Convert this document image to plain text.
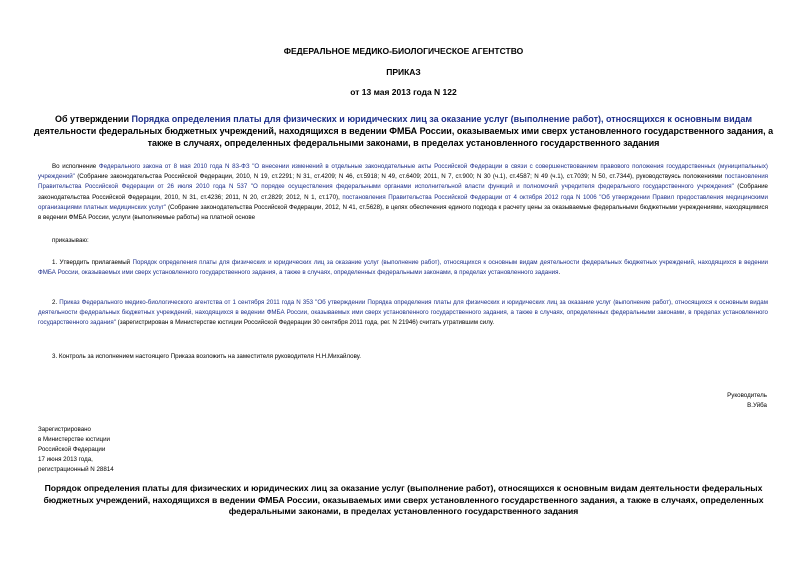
ФЕДЕРАЛЬНОЕ МЕДИКО-БИОЛОГИЧЕСКОЕ АГЕНТСТВО
ПРИКАЗ
от 13 мая 2013 года N 122
Об утверждении Порядка определения платы для физических и юридических лиц за оказание услуг (выполнение работ), относящихся к основным видам деятельности федеральных бюджетных учреждений, находящихся в ведении ФМБА России, оказываемых ими сверх установленного государственного задания, а также в случаях, определенных федеральными законами, в пределах установленного государственного задания
Во исполнение Федерального закона от 8 мая 2010 года N 83-ФЗ "О внесении изменений в отдельные законодательные акты Российской Федерации в связи с совершенствованием правового положения государственных (муниципальных) учреждений" (Собрание законодательства Российской Федерации, 2010, N 19, ст.2291; N 31, ст.4209; N 46, ст.5918; N 49, ст.6409; 2011, N 7, ст.900; N 30 (ч.1), ст.4587; N 49 (ч.1), ст.7039; N 50, ст.7344), руководствуясь положениями постановления Правительства Российской Федерации от 26 июля 2010 года N 537 "О порядке осуществления федеральными органами исполнительной власти функций и полномочий учредителя федерального государственного учреждения" (Собрание законодательства Российской Федерации, 2010, N 31, ст.4236; 2011, N 20, ст.2829; 2012, N 1, ст.170), постановления Правительства Российской Федерации от 4 октября 2012 года N 1006 "Об утверждении Правил предоставления медицинскими организациями платных медицинских услуг" (Собрание законодательства Российской Федерации, 2012, N 41, ст.5628), в целях обеспечения единого подхода к расчету цены за оказываемые федеральными бюджетными учреждениями, находящимися в ведении ФМБА России, услуги (выполняемые работы) на платной основе
приказываю:
1. Утвердить прилагаемый Порядок определения платы для физических и юридических лиц за оказание услуг (выполнение работ), относящихся к основным видам деятельности федеральных бюджетных учреждений, находящихся в ведении ФМБА России, оказываемых ими сверх установленного государственного задания, а также в случаях, определенных федеральными законами, в пределах установленного задания.
2. Приказ Федерального медико-биологического агентства от 1 сентября 2011 года N 353 "Об утверждении Порядка определения платы для физических и юридических лиц за оказание услуг (выполнение работ), относящихся к основным видам деятельности федеральных бюджетных учреждений, находящихся в ведении ФМБА России, оказываемых ими сверх установленного государственного задания, а также в случаях, определенных федеральными законами, в пределах установленного государственного задания" (зарегистрирован в Министерстве юстиции Российской Федерации 30 сентября 2011 года, рег. N 21946) считать утратившим силу.
3. Контроль за исполнением настоящего Приказа возложить на заместителя руководителя Н.Н.Михайлову.
Руководитель
В.Уйба
Зарегистрировано
в Министерстве юстиции
Российской Федерации
17 июня 2013 года,
регистрационный N 28814
Порядок определения платы для физических и юридических лиц за оказание услуг (выполнение работ), относящихся к основным видам деятельности федеральных бюджетных учреждений, находящихся в ведении ФМБА России, оказываемых ими сверх установленного государственного задания, а также в случаях, определенных федеральными законами, в пределах установленного государственного задания
